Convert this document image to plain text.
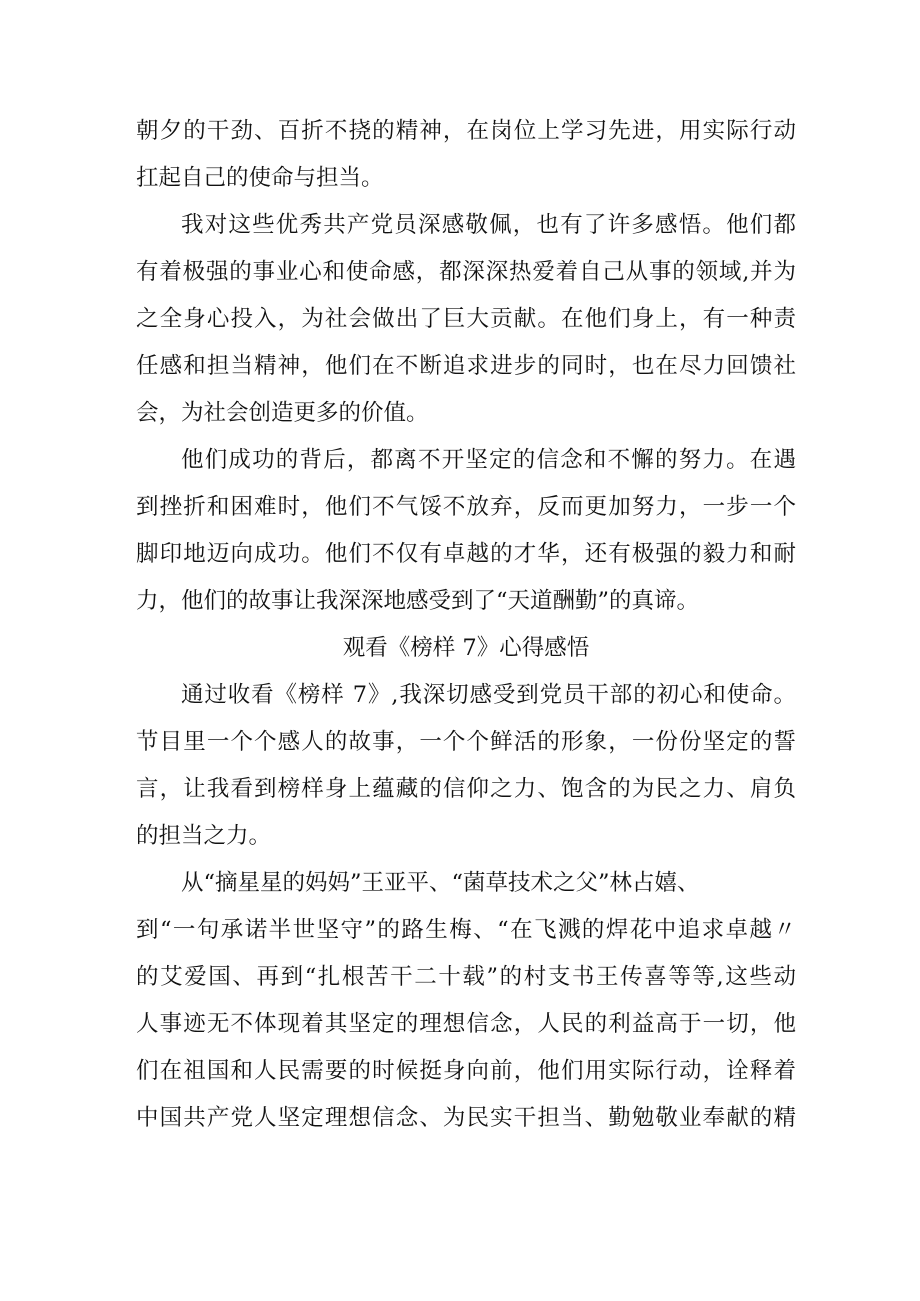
朝夕的干劲、百折不挠的精神，在岗位上学习先进，用实际行动
扛起自己的使命与担当。
我对这些优秀共产党员深感敬佩，也有了许多感悟。他们都
有着极强的事业心和使命感，都深深热爱着自己从事的领域,并为
之全身心投入，为社会做出了巨大贡献。在他们身上，有一种责
任感和担当精神，他们在不断追求进步的同时，也在尽力回馈社
会，为社会创造更多的价值。
他们成功的背后，都离不开坚定的信念和不懈的努力。在遇
到挫折和困难时，他们不气馁不放弃，反而更加努力，一步一个
脚印地迈向成功。他们不仅有卓越的才华，还有极强的毅力和耐
力，他们的故事让我深深地感受到了“天道酬勤”的真谛。
观看《榜样 7》心得感悟
通过收看《榜样 7》,我深切感受到党员干部的初心和使命。
节目里一个个感人的故事，一个个鲜活的形象，一份份坚定的誓
言，让我看到榜样身上蕴藏的信仰之力、饱含的为民之力、肩负
的担当之力。
从“摘星星的妈妈”王亚平、“菌草技术之父”林占嬉、
到“一句承诺半世坚守”的路生梅、“在飞溅的焊花中追求卓越〃
的艾爱国、再到“扎根苦干二十载”的村支书王传喜等等,这些动
人事迹无不体现着其坚定的理想信念，人民的利益高于一切，他
们在祖国和人民需要的时候挺身向前，他们用实际行动，诠释着
中国共产党人坚定理想信念、为民实干担当、勤勉敬业奉献的精
